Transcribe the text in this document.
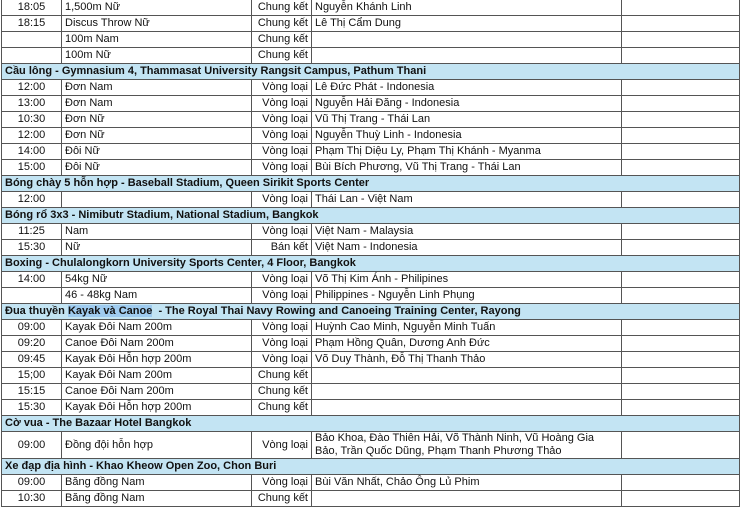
18:05	1,500m Nữ	Chung kết	Nguyễn Khánh Linh	
18:15	Discus Throw Nữ	Chung kết	Lê Thị Cẩm Dung	
	100m Nam	Chung kết		
	100m Nữ	Chung kết		
Cầu lông - Gymnasium 4, Thammasat University Rangsit Campus, Pathum Thani				
12:00	Đơn Nam	Vòng loại	Lê Đức Phát - Indonesia	
13:00	Đơn Nam	Vòng loại	Nguyễn Hải Đăng - Indonesia	
10:30	Đơn Nữ	Vòng loại	Vũ Thị Trang - Thái Lan	
12:00	Đơn Nữ	Vòng loại	Nguyễn Thuỳ Linh - Indonesia	
14:00	Đôi Nữ	Vòng loại	Phạm Thị Diệu Ly, Phạm Thị Khánh - Myanma	
15:00	Đôi Nữ	Vòng loại	Bùi Bích Phương, Vũ Thị Trang - Thái Lan	
Bóng chày 5 hỗn hợp - Baseball Stadium, Queen Sirikit Sports Center				
12:00		Vòng loại	Thái Lan - Việt Nam	
Bóng rổ 3x3 - Nimibutr Stadium, National Stadium, Bangkok				
11:25	Nam	Vòng loại	Việt Nam - Malaysia	
15:30	Nữ	Bán kết	Việt Nam - Indonesia	
Boxing - Chulalongkorn University Sports Center, 4 Floor, Bangkok				
14:00	54kg Nữ	Vòng loại	Võ Thị Kim Ánh - Philipines	
	46 - 48kg Nam	Vòng loại	Philippines - Nguyễn Linh Phụng	
Đua thuyền Kayak và Canoe  - The Royal Thai Navy Rowing and Canoeing Training Center, Rayong				
09:00	Kayak Đôi Nam 200m	Vòng loại	Huỳnh Cao Minh, Nguyễn Minh Tuấn	
09:20	Canoe Đôi Nam 200m	Vòng loại	Phạm Hồng Quân, Dương Anh Đức	
09:45	Kayak Đôi Hỗn hợp 200m	Vòng loại	Võ Duy Thành, Đỗ Thị Thanh Thảo	
15;00	Kayak Đôi Nam 200m	Chung kết		
15:15	Canoe Đôi Nam 200m	Chung kết		
15:30	Kayak Đôi Hỗn hợp 200m	Chung kết		
Cờ vua - The Bazaar Hotel Bangkok				
09:00	Đồng đội hỗn hợp	Vòng loại	Bảo Khoa, Đào Thiên Hải, Võ Thành Ninh, Vũ Hoàng Gia Bảo, Trần Quốc Dũng, Phạm Thanh Phương Thảo	
Xe đạp địa hình - Khao Kheow Open Zoo, Chon Buri				
09:00	Băng đồng Nam	Vòng loại	Bùi Văn Nhất, Chảo Ông Lủ Phim	
10:30	Băng đồng Nam	Chung kết		
